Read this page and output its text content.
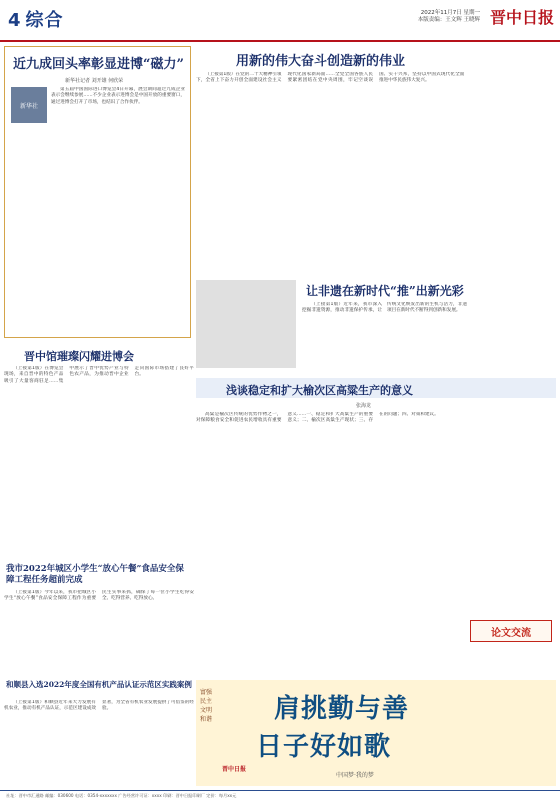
4 综合	2022年11月7日 星期一
本版责编：王文辉 王晓辉 晋中日报
近九成回头率彰显进博“磁力”
新华社记者 刘开雄 何欣荣
新华社

第五届中国国际进口博览会4日开幕，展会期间超过九成企业表示会继续参展……不少企业表示进博会是中国开放的重要窗口，通过进博会打开了市场，也结识了合作伙伴。

用新的伟大奋斗创造新的伟业

（上接第1版）在党的二十大精神引领下，全省上下奋力开创全面建设社会主义现代化国家新局面……全党全国各族人民要紧密团结在党中央周围，牢记空谈误国、实干兴邦，坚持以中国式现代化全面推进中华民族伟大复兴。

晋中馆璀璨闪耀进博会

（上接第1版）在博览会现场，来自晋中的特色产品吸引了大量客商驻足……集中展示了晋中优势产业与特色农产品，为推动晋中企业走向国际市场搭建了良好平台。

让非遗在新时代“推”出新光彩

（上接第1版）近年来，我市深入挖掘非遗资源，推动非遗保护传承，让传统文化焕发出新的生机与活力，非遗项目在新时代不断得到创新和发展。

浅谈稳定和扩大榆次区高粱生产的意义
张海龙

高粱是榆次区传统的优势作物之一，对保障粮食安全和促进农民增收具有重要意义……一、稳定和扩大高粱生产的重要意义；二、榆次区高粱生产现状；三、存在的问题；四、对策和建议。

我市2022年城区小学生“放心午餐”食品安全保障工程任务超前完成

（上接第1版）今年以来，我市把城区小学生“放心午餐”食品安全保障工程作为重要民生实事来抓，确保了每一位小学生吃得安全、吃得营养、吃得放心。

和顺县入选2022年度全国有机产品认证示范区实践案例

（上接第1版）和顺县近年来大力发展有机农业，推动有机产品认证，示范区建设成效显著，为全省有机农业发展提供了可借鉴的经验。

论文交流
富强 民主 文明 和谐 肩挑勤与善
日子好如歌
中国梦·我的梦
晋中日报
社址：晋中市汇通路 邮编：030600 电话：0354-xxxxxxx 广告经营许可证：xxxx 印刷：晋中日报印刷厂 定价：每月xx元
